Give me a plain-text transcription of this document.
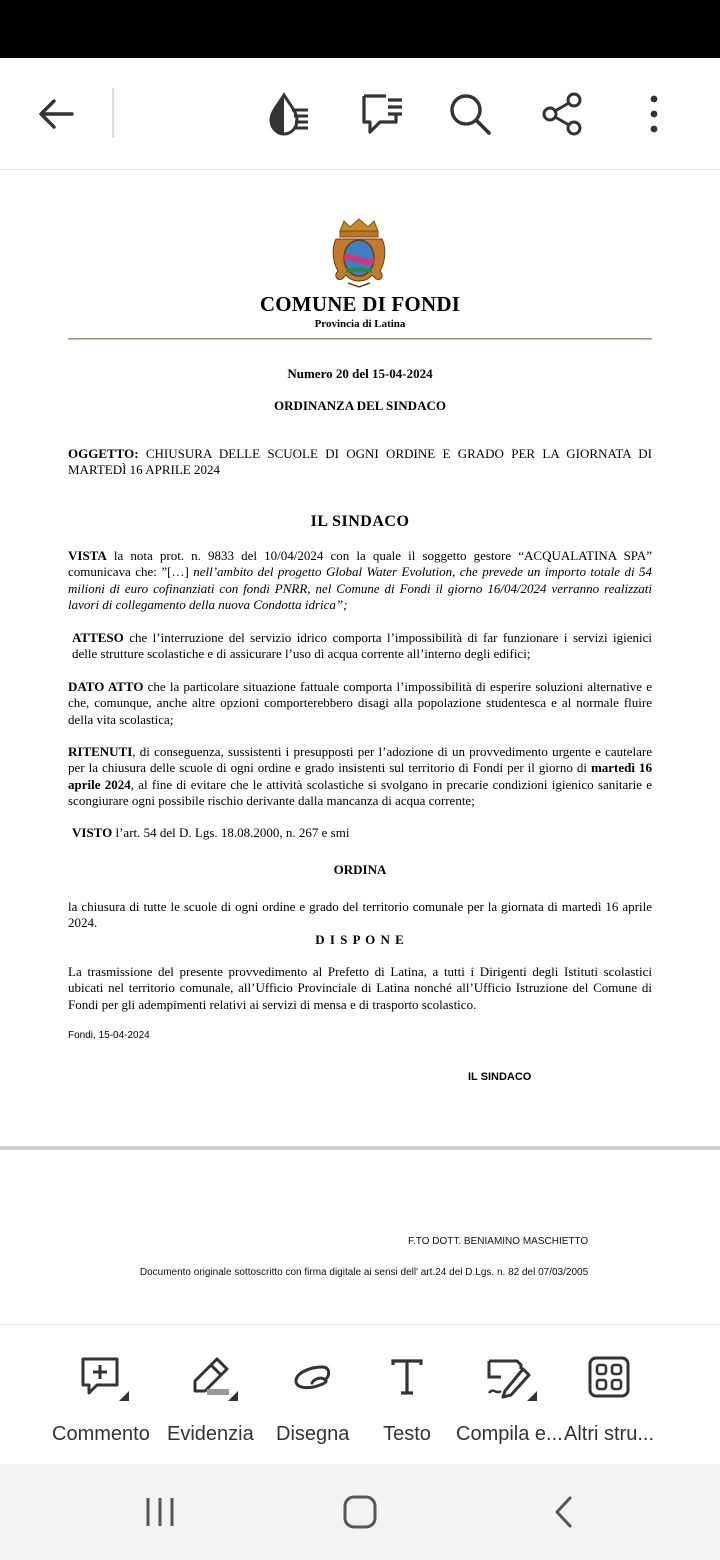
COMUNE DI FONDI
Provincia di Latina
Numero 20 del 15-04-2024
ORDINANZA DEL SINDACO
OGGETTO: CHIUSURA DELLE SCUOLE DI OGNI ORDINE E GRADO PER LA GIORNATA DI MARTEDÌ 16 APRILE 2024
IL SINDACO
VISTA la nota prot. n. 9833 del 10/04/2024 con la quale il soggetto gestore “ACQUALATINA SPA” comunicava che: ”[…] nell’ambito del progetto Global Water Evolution, che prevede un importo totale di 54 milioni di euro cofinanziati con fondi PNRR, nel Comune di Fondi il giorno 16/04/2024 verranno realizzati lavori di collegamento della nuova Condotta idrica”;
ATTESO che l’interruzione del servizio idrico comporta l’impossibilità di far funzionare i servizi igienici delle strutture scolastiche e di assicurare l’uso di acqua corrente all’interno degli edifici;
DATO ATTO che la particolare situazione fattuale comporta l’impossibilità di esperire soluzioni alternative e che, comunque, anche altre opzioni comporterebbero disagi alla popolazione studentesca e al normale fluire della vita scolastica;
RITENUTI, di conseguenza, sussistenti i presupposti per l’adozione di un provvedimento urgente e cautelare per la chiusura delle scuole di ogni ordine e grado insistenti sul territorio di Fondi per il giorno di martedì 16 aprile 2024, al fine di evitare che le attività scolastiche si svolgano in precarie condizioni igienico sanitarie e scongiurare ogni possibile rischio derivante dalla mancanza di acqua corrente;
VISTO l’art. 54 del D. Lgs. 18.08.2000, n. 267 e smi
ORDINA
la chiusura di tutte le scuole di ogni ordine e grado del territorio comunale per la giornata di martedì 16 aprile 2024.
D I S P O N E
La trasmissione del presente provvedimento al Prefetto di Latina, a tutti i Dirigenti degli Istituti scolastici ubicati nel territorio comunale, all’Ufficio Provinciale di Latina nonché all’Ufficio Istruzione del Comune di Fondi per gli adempimenti relativi ai servizi di mensa e di trasporto scolastico.
Fondi, 15-04-2024
IL SINDACO
F.TO DOTT. BENIAMINO MASCHIETTO
Documento originale sottoscritto con firma digitale ai sensi dell' art.24 del D.Lgs. n. 82 del 07/03/2005
Commento Evidenzia Disegna Testo Compila e... Altri stru...
